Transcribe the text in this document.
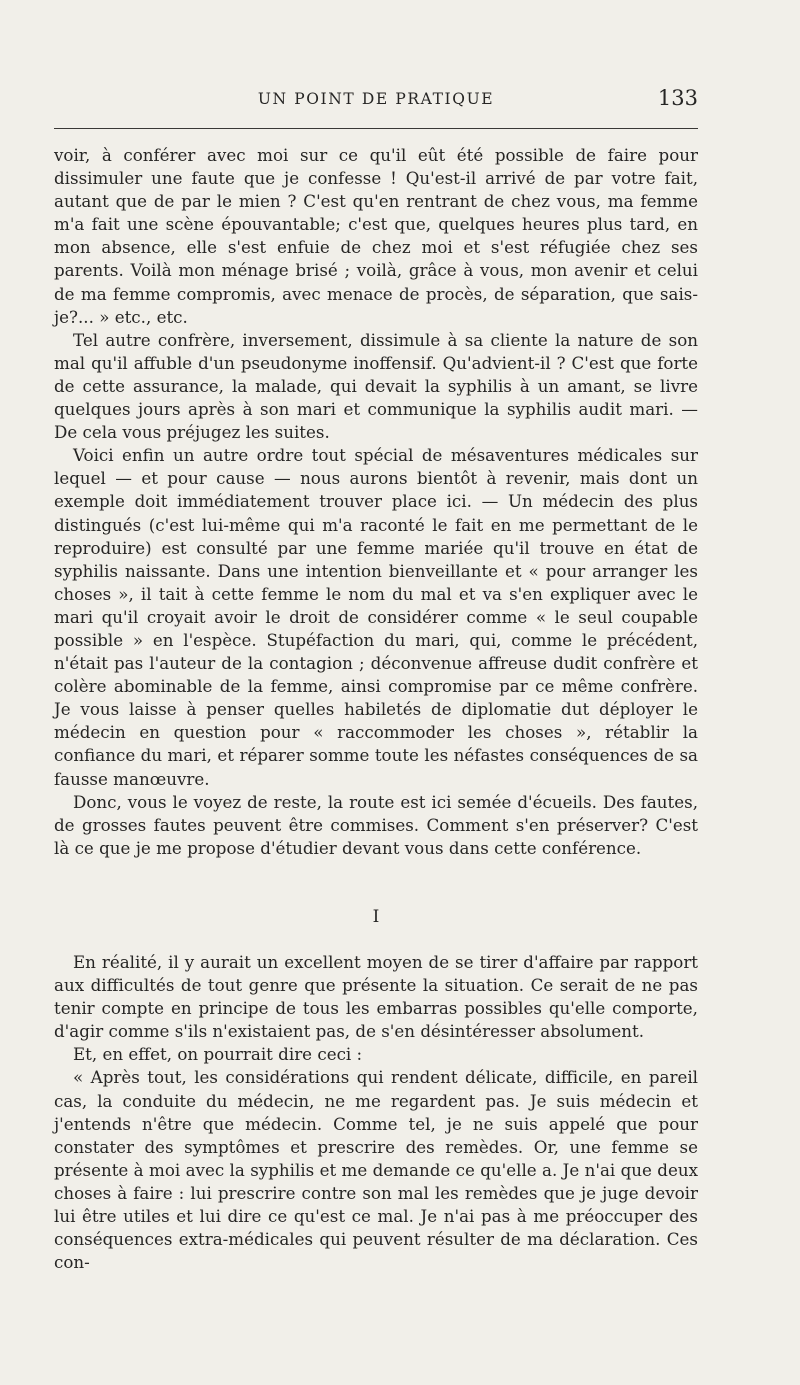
UN POINT DE PRATIQUE	133

voir, à conférer avec moi sur ce qu'il eût été possible de faire pour dissimuler une faute que je confesse ! Qu'est-il arrivé de par votre fait, autant que de par le mien ? C'est qu'en rentrant de chez vous, ma femme m'a fait une scène épouvantable; c'est que, quelques heures plus tard, en mon absence, elle s'est enfuie de chez moi et s'est réfugiée chez ses parents. Voilà mon ménage brisé ; voilà, grâce à vous, mon avenir et celui de ma femme compromis, avec menace de procès, de séparation, que sais-je?... » etc., etc.

Tel autre confrère, inversement, dissimule à sa cliente la nature de son mal qu'il affuble d'un pseudonyme inoffensif. Qu'advient-il ? C'est que forte de cette assurance, la malade, qui devait la syphilis à un amant, se livre quelques jours après à son mari et communique la syphilis audit mari. — De cela vous préjugez les suites.

Voici enfin un autre ordre tout spécial de mésaventures médicales sur lequel — et pour cause — nous aurons bientôt à revenir, mais dont un exemple doit immédiatement trouver place ici. — Un médecin des plus distingués (c'est lui-même qui m'a raconté le fait en me permettant de le reproduire) est consulté par une femme mariée qu'il trouve en état de syphilis naissante. Dans une intention bienveillante et « pour arranger les choses », il tait à cette femme le nom du mal et va s'en expliquer avec le mari qu'il croyait avoir le droit de considérer comme « le seul coupable possible » en l'espèce. Stupéfaction du mari, qui, comme le précédent, n'était pas l'auteur de la contagion ; déconvenue affreuse dudit confrère et colère abominable de la femme, ainsi compromise par ce même confrère. Je vous laisse à penser quelles habiletés de diplomatie dut déployer le médecin en question pour « raccommoder les choses », rétablir la confiance du mari, et réparer somme toute les néfastes conséquences de sa fausse manœuvre.

Donc, vous le voyez de reste, la route est ici semée d'écueils. Des fautes, de grosses fautes peuvent être commises. Comment s'en préserver? C'est là ce que je me propose d'étudier devant vous dans cette conférence.

I

En réalité, il y aurait un excellent moyen de se tirer d'affaire par rapport aux difficultés de tout genre que présente la situation. Ce serait de ne pas tenir compte en principe de tous les embarras possibles qu'elle comporte, d'agir comme s'ils n'existaient pas, de s'en désintéresser absolument.

Et, en effet, on pourrait dire ceci :

« Après tout, les considérations qui rendent délicate, difficile, en pareil cas, la conduite du médecin, ne me regardent pas. Je suis médecin et j'entends n'être que médecin. Comme tel, je ne suis appelé que pour constater des symptômes et prescrire des remèdes. Or, une femme se présente à moi avec la syphilis et me demande ce qu'elle a. Je n'ai que deux choses à faire : lui prescrire contre son mal les remèdes que je juge devoir lui être utiles et lui dire ce qu'est ce mal. Je n'ai pas à me préoccuper des conséquences extra-médicales qui peuvent résulter de ma déclaration. Ces con-
